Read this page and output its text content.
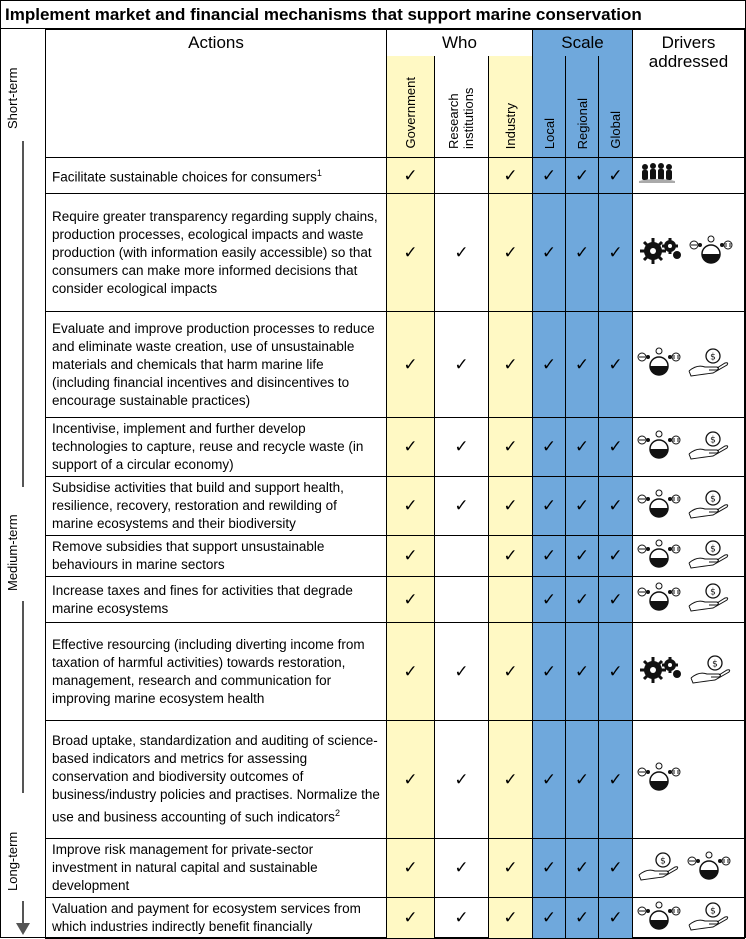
Implement market and financial mechanisms that support marine conservation
Short-term
Medium-term
Long-term
Actions	Who			Scale			Drivers addressed

	Government	Research institutions	Industry	Local	Regional	Global	

Facilitate sustainable choices for consumers$^1$	✓		✓	✓	✓	✓	
Require greater transparency regarding supply chains, production processes, ecological impacts and waste production (with information easily accessible) so that consumers can make more informed decisions that consider ecological impacts	✓	✓	✓	✓	✓	✓	
Evaluate and improve production processes to reduce and eliminate waste creation, use of unsustainable materials and chemicals that harm marine life (including financial incentives and disincentives to encourage sustainable practices)	✓	✓	✓	✓	✓	✓	$

Incentivise, implement and further develop technologies to capture, reuse and recycle waste (in support of a circular economy)	✓	✓	✓	✓	✓	✓	$

Subsidise activities that build and support health, resilience, recovery, restoration and rewilding of marine ecosystems and their biodiversity	✓	✓	✓	✓	✓	✓	$

Remove subsidies that support unsustainable behaviours in marine sectors	✓		✓	✓	✓	✓	$

Increase taxes and fines for activities that degrade marine ecosystems	✓			✓	✓	✓	$

Effective resourcing (including diverting income from taxation of harmful activities) towards restoration, management, research and communication for improving marine ecosystem health	✓	✓	✓	✓	✓	✓	$

Broad uptake, standardization and auditing of science-based indicators and metrics for assessing conservation and biodiversity outcomes of business/industry policies and practises. Normalize the use and business accounting of such indicators$^2$	✓	✓	✓	✓	✓	✓	
Improve risk management for private-sector investment in natural capital and sustainable development	✓	✓	✓	✓	✓	✓	$

Valuation and payment for ecosystem services from which industries indirectly benefit financially	✓	✓	✓	✓	✓	✓	$
